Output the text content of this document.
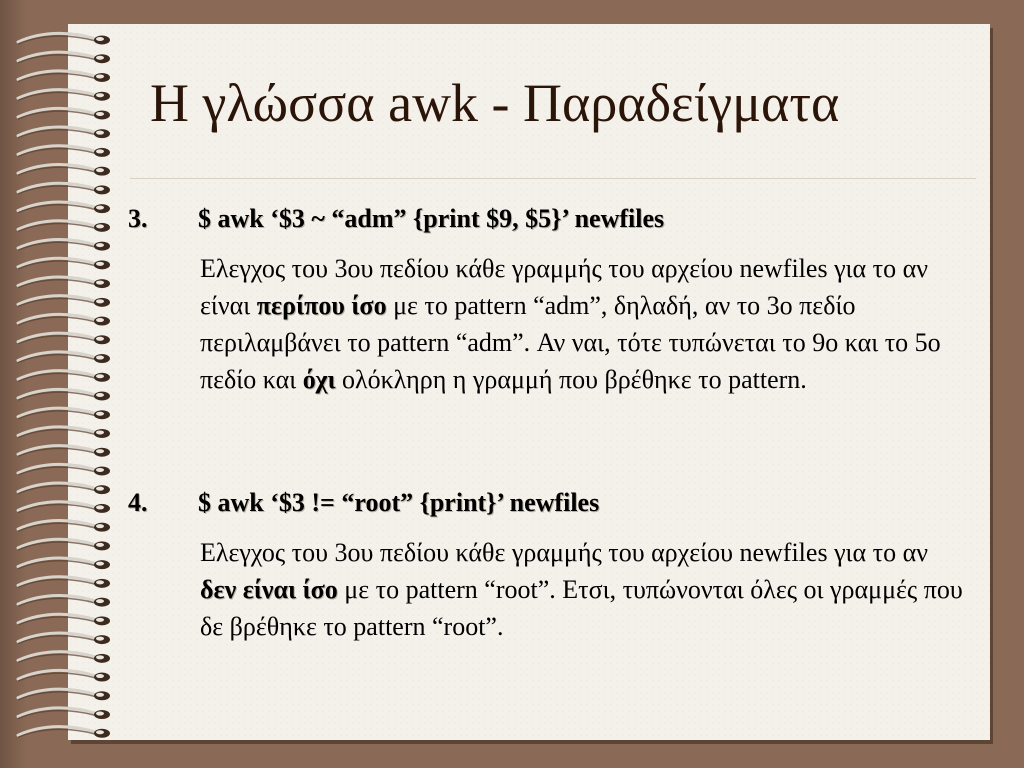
Η γλώσσα awk - Παραδείγματα
3. $ awk ‘$3 ~ “adm” {print $9, $5}’ newfiles
Ελεγχος του 3ου πεδίου κάθε γραμμής του αρχείου newfiles για το αν είναι περίπου ίσο με το pattern “adm”, δηλαδή, αν το 3ο πεδίο περιλαμβάνει το pattern “adm”. Αν ναι, τότε τυπώνεται το 9ο και το 5ο πεδίο και όχι ολόκληρη η γραμμή που βρέθηκε το pattern.
4. $ awk ‘$3 != “root” {print}’ newfiles
Ελεγχος του 3ου πεδίου κάθε γραμμής του αρχείου newfiles για το αν δεν είναι ίσο με το pattern “root”. Ετσι, τυπώνονται όλες οι γραμμές που δε βρέθηκε το pattern “root”.
